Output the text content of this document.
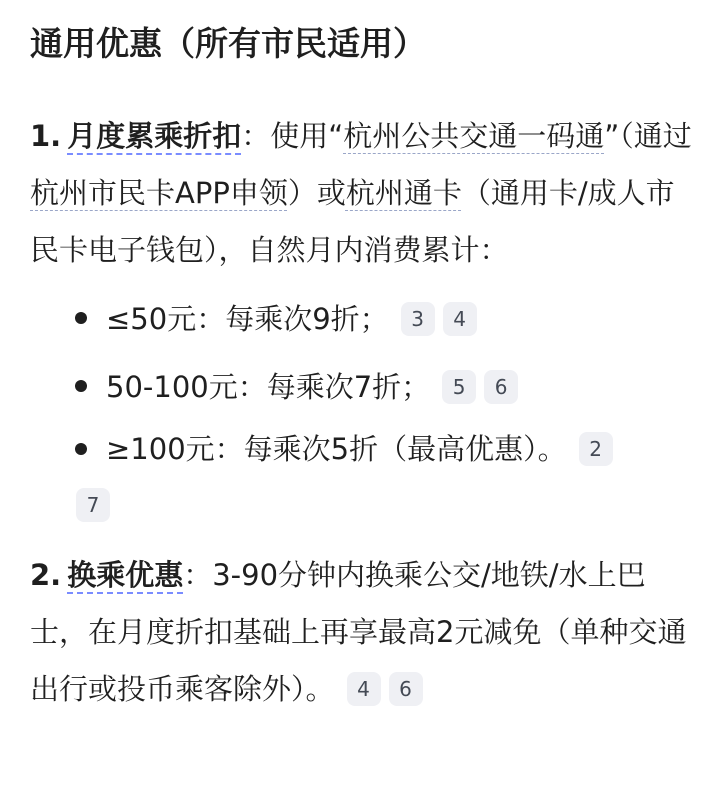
通用优惠（所有市民适用）

1. 月度累乘折扣：使用“杭州公共交通一码通”（通过杭州市民卡APP申领）或杭州通卡（通用卡/成人市民卡电子钱包），自然月内消费累计：

≤50元：每乘次9折； 3 4
50-100元：每乘次7折； 5 6
≥100元：每乘次5折（最高优惠）。 2
7

2. 换乘优惠：3-90分钟内换乘公交/地铁/水上巴士，在月度折扣基础上再享最高2元减免（单种交通出行或投币乘客除外）。 4 6
